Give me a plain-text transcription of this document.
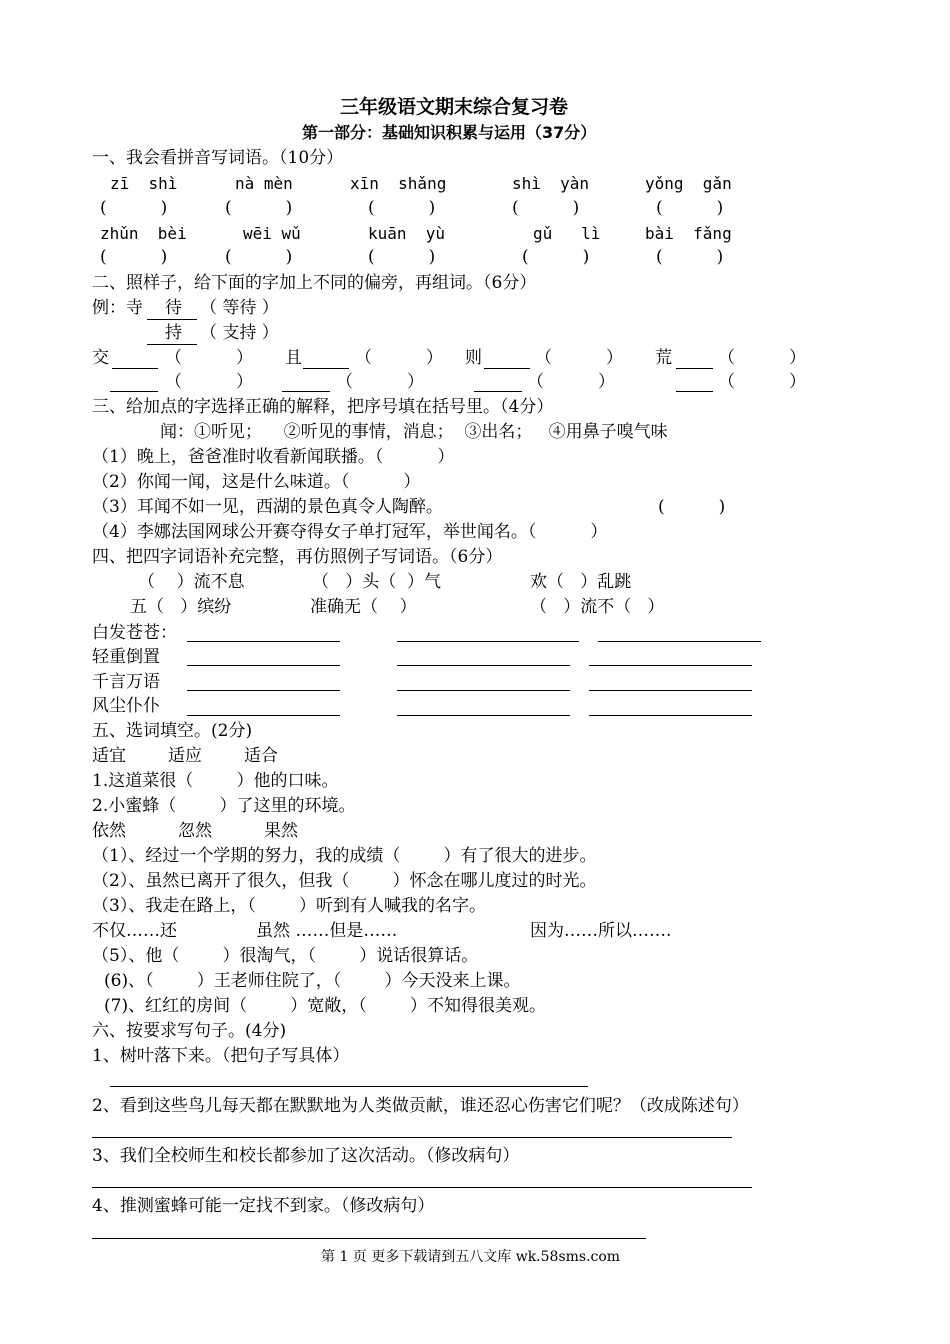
三年级语文期末综合复习卷
第一部分：基础知识积累与运用（37分）
一、我会看拼音写词语。（10分）
zī  shì	nà mèn	xīn  shǎng	shì  yàn	yǒng  gǎn
(          )	(          )	(          )	(          )	(          )
zhǔn  bèi	wēi wǔ	kuān  yù	gǔ   lì	bài  fǎng
(          )	(          )	(          )	(          )	(          )
二、照样子，给下面的字加上不同的偏旁，再组词。（6分）
例：寺 待 （ 等待 ）
持 （ 支持 ）
交	（          ） 且	（          ） 则	（          ） 荒	（          ）
（          ）	（          ）	（          ）	（          ）
三、给加点的字选择正确的解释，把序号填在括号里。（4分）
闻：①听见；    ②听见的事情，消息；  ③出名；   ④用鼻子嗅气味
（1）晚上，爸爸准时收看新闻联播。（          ）
（2）你闻一闻，这是什么味道。（          ）
（3）耳闻不如一见，西湖的景色真令人陶醉。	(          )
（4）李娜法国网球公开赛夺得女子单打冠军，举世闻名。（          ）
四、把四字词语补充完整，再仿照例子写词语。（6分）
（    ）流不息	（   ）头（  ）气	欢（   ）乱跳
五（   ）缤纷	准确无（    ）	（   ）流不（   ）
白发苍苍：
轻重倒置
千言万语
风尘仆仆
五、选词填空。(2分)
适宜 适应 适合
1.这道菜很（        ）他的口味。
2.小蜜蜂（        ）了这里的环境。
依然	忽然	果然
（1）、经过一个学期的努力，我的成绩（        ）有了很大的进步。
（2）、虽然已离开了很久，但我（        ）怀念在哪儿度过的时光。
（3）、我走在路上，（        ）听到有人喊我的名字。
不仅……还	虽然 ……但是……	因为……所以…….
（5）、他（        ）很淘气，（        ）说话很算话。
(6)、（        ）王老师住院了，（        ）今天没来上课。
(7)、红红的房间（        ）宽敞，（        ）不知得很美观。
六、按要求写句子。(4分)
1、树叶落下来。（把句子写具体）
2、看到这些鸟儿每天都在默默地为人类做贡献，谁还忍心伤害它们呢？（改成陈述句）
3、我们全校师生和校长都参加了这次活动。（修改病句）
4、推测蜜蜂可能一定找不到家。（修改病句）
第 1 页 更多下载请到五八文库 wk.58sms.com
